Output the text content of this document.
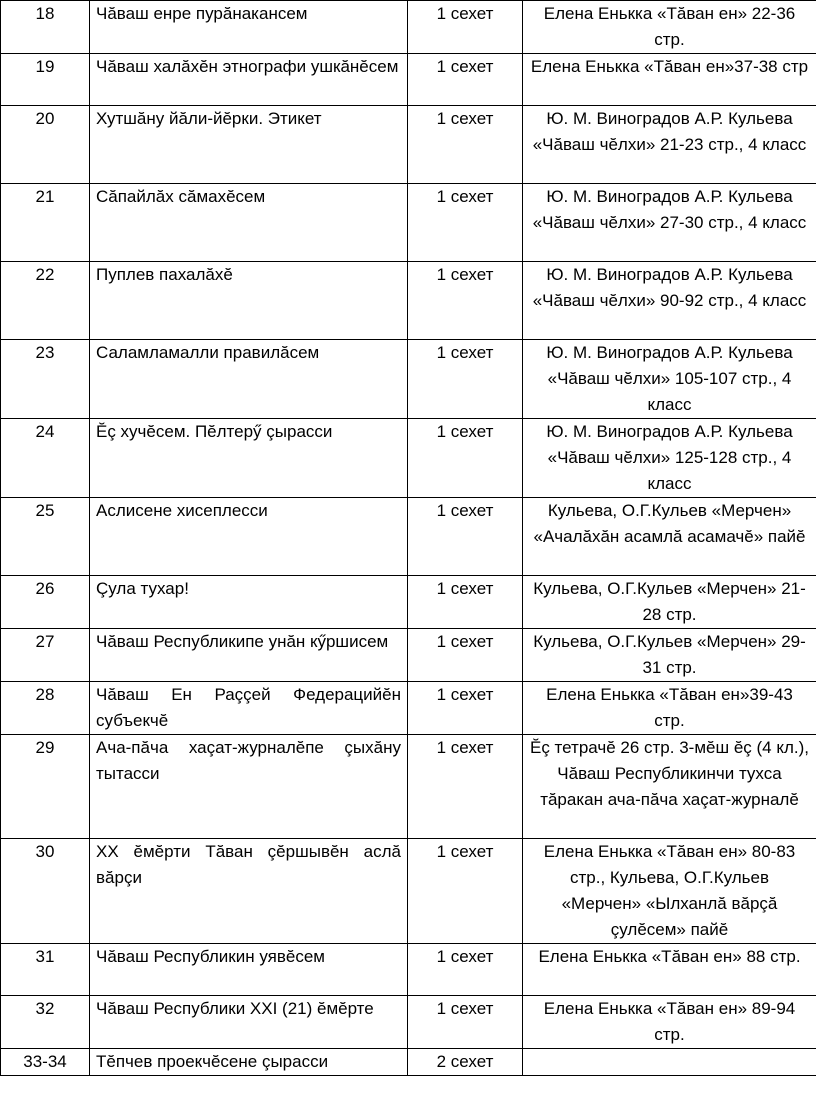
18	Чăваш енре пурăнакансем	1 сехет	Елена Енькка «Тăван ен» 22-36 стр.
19	Чăваш халăхĕн этнографи ушкăнĕсем	1 сехет	Елена Енькка «Тăван ен»37-38 стр
20	Хутшăну йăли-йĕрки. Этикет	1 сехет	Ю. М. Виноградов А.Р. Кульева «Чăваш чĕлхи» 21-23 стр., 4 класс
21	Сăпайлăх сăмахĕсем	1 сехет	Ю. М. Виноградов А.Р. Кульева «Чăваш чĕлхи» 27-30 стр., 4 класс
22	Пуплев пахалăхĕ	1 сехет	Ю. М. Виноградов А.Р. Кульева «Чăваш чĕлхи» 90-92 стр., 4 класс
23	Саламламалли правилăсем	1 сехет	Ю. М. Виноградов А.Р. Кульева «Чăваш чĕлхи» 105-107 стр., 4 класс
24	Ĕç хучĕсем. Пĕлтерӳ çырасси	1 сехет	Ю. М. Виноградов А.Р. Кульева «Чăваш чĕлхи» 125-128 стр., 4 класс
25	Аслисене хисеплесси	1 сехет	Кульева, О.Г.Кульев «Мерчен» «Ачалăхăн асамлă асамачĕ» пайĕ
26	Çула тухар!	1 сехет	Кульева, О.Г.Кульев «Мерчен» 21-28 стр.
27	Чăваш Республикипе унăн кӳршисем	1 сехет	Кульева, О.Г.Кульев «Мерчен» 29-31 стр.
28	Чăваш Ен Раççей Федерацийĕн субъекчĕ	1 сехет	Елена Енькка «Тăван ен»39-43 стр.
29	Ача-пăча хаçат-журналĕпе çыхăну тытасси	1 сехет	Ĕç тетрачĕ 26 стр. 3-мĕш ĕç (4 кл.), Чăваш Республикинчи тухса тăракан ача-пăча хаçат-журналĕ
30	XX ĕмĕрти Тăван çĕршывĕн аслă вăрçи	1 сехет	Елена Енькка «Тăван ен» 80-83 стр., Кульева, О.Г.Кульев «Мерчен» «Ылханлă вăрçă çулĕсем» пайĕ
31	Чăваш Республикин уявĕсем	1 сехет	Елена Енькка «Тăван ен» 88 стр.
32	Чăваш Республики XXI (21) ĕмĕрте	1 сехет	Елена Енькка «Тăван ен» 89-94 стр.
33-34	Тĕпчев проекчĕсене çырасси	2 сехет	
